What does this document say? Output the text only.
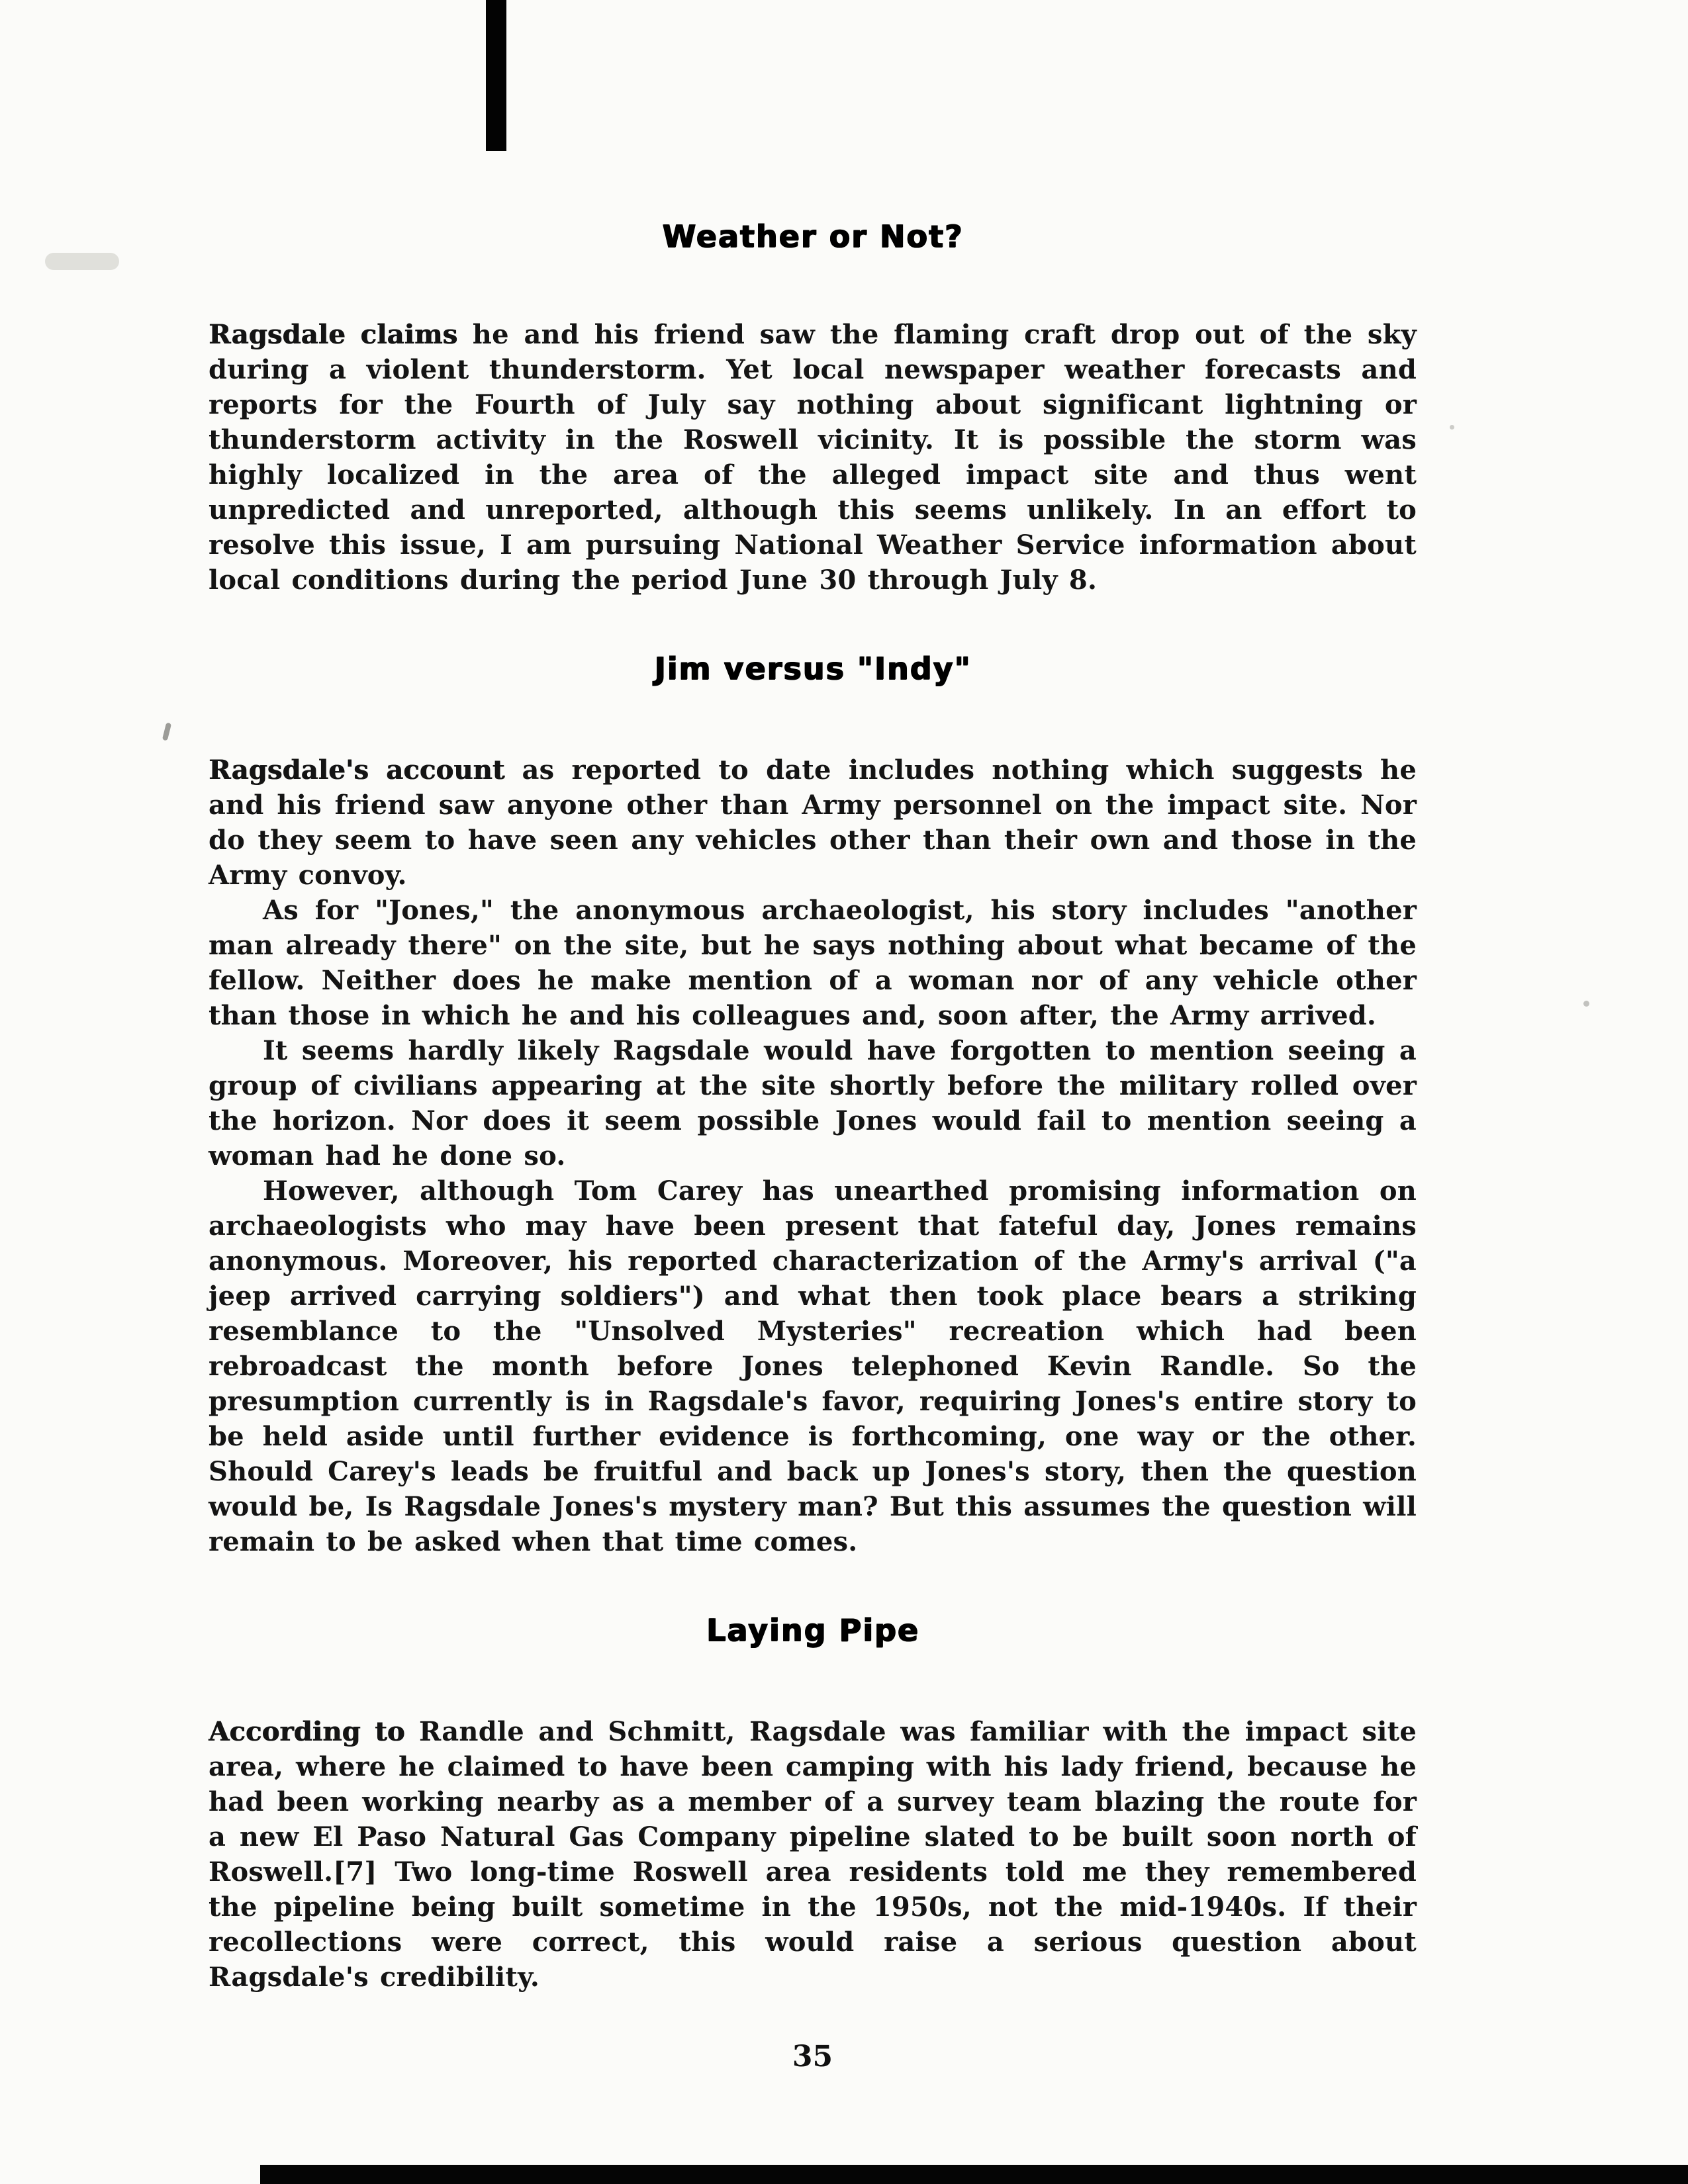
Weather or Not?

Ragsdale claims he and his friend saw the flaming craft drop out of the sky during a violent thunderstorm. Yet local newspaper weather forecasts and reports for the Fourth of July say nothing about significant lightning or thunderstorm activity in the Roswell vicinity. It is possible the storm was highly localized in the area of the alleged impact site and thus went unpredicted and unreported, although this seems unlikely. In an effort to resolve this issue, I am pursuing National Weather Service information about local conditions during the period June 30 through July 8.

Jim versus "Indy"

Ragsdale's account as reported to date includes nothing which suggests he and his friend saw anyone other than Army personnel on the impact site. Nor do they seem to have seen any vehicles other than their own and those in the Army convoy.

As for "Jones," the anonymous archaeologist, his story includes "another man already there" on the site, but he says nothing about what became of the fellow. Neither does he make mention of a woman nor of any vehicle other than those in which he and his colleagues and, soon after, the Army arrived.

It seems hardly likely Ragsdale would have forgotten to mention seeing a group of civilians appearing at the site shortly before the military rolled over the horizon. Nor does it seem possible Jones would fail to mention seeing a woman had he done so.

However, although Tom Carey has unearthed promising information on archaeologists who may have been present that fateful day, Jones remains anonymous. Moreover, his reported characterization of the Army's arrival ("a jeep arrived carrying soldiers") and what then took place bears a striking resemblance to the "Unsolved Mysteries" recreation which had been rebroadcast the month before Jones telephoned Kevin Randle. So the presumption currently is in Ragsdale's favor, requiring Jones's entire story to be held aside until further evidence is forthcoming, one way or the other. Should Carey's leads be fruitful and back up Jones's story, then the question would be, Is Ragsdale Jones's mystery man? But this assumes the question will remain to be asked when that time comes.

Laying Pipe

According to Randle and Schmitt, Ragsdale was familiar with the impact site area, where he claimed to have been camping with his lady friend, because he had been working nearby as a member of a survey team blazing the route for a new El Paso Natural Gas Company pipeline slated to be built soon north of Roswell.[7] Two long-time Roswell area residents told me they remembered the pipeline being built sometime in the 1950s, not the mid-1940s. If their recollections were correct, this would raise a serious question about Ragsdale's credibility.

35
